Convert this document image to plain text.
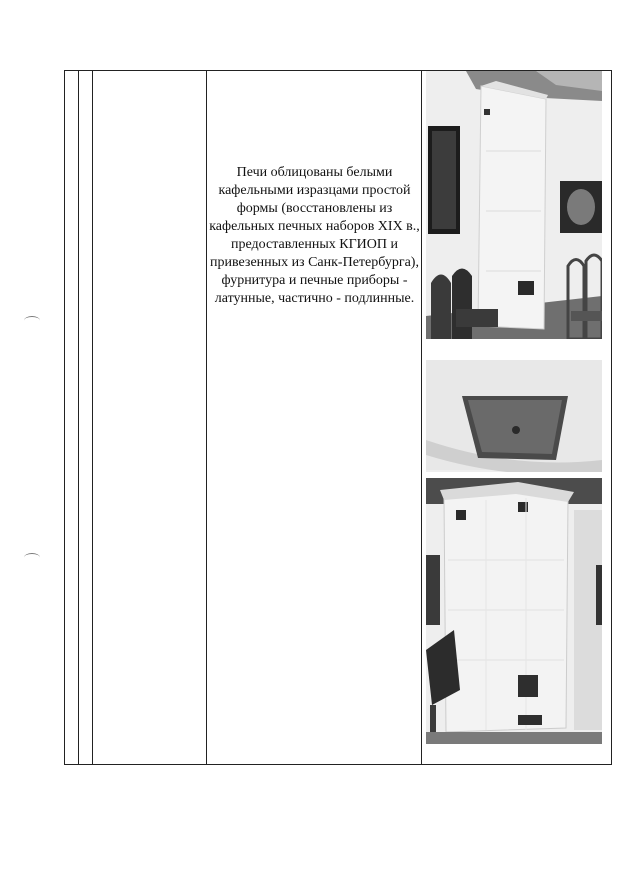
Печи облицованы белыми кафельными изразцами простой формы (восстановлены из кафельных печных наборов XIX в., предоставленных КГИОП и привезенных из Санк-Петербурга), фурнитура и печные приборы - латунные, частично - подлинные.
